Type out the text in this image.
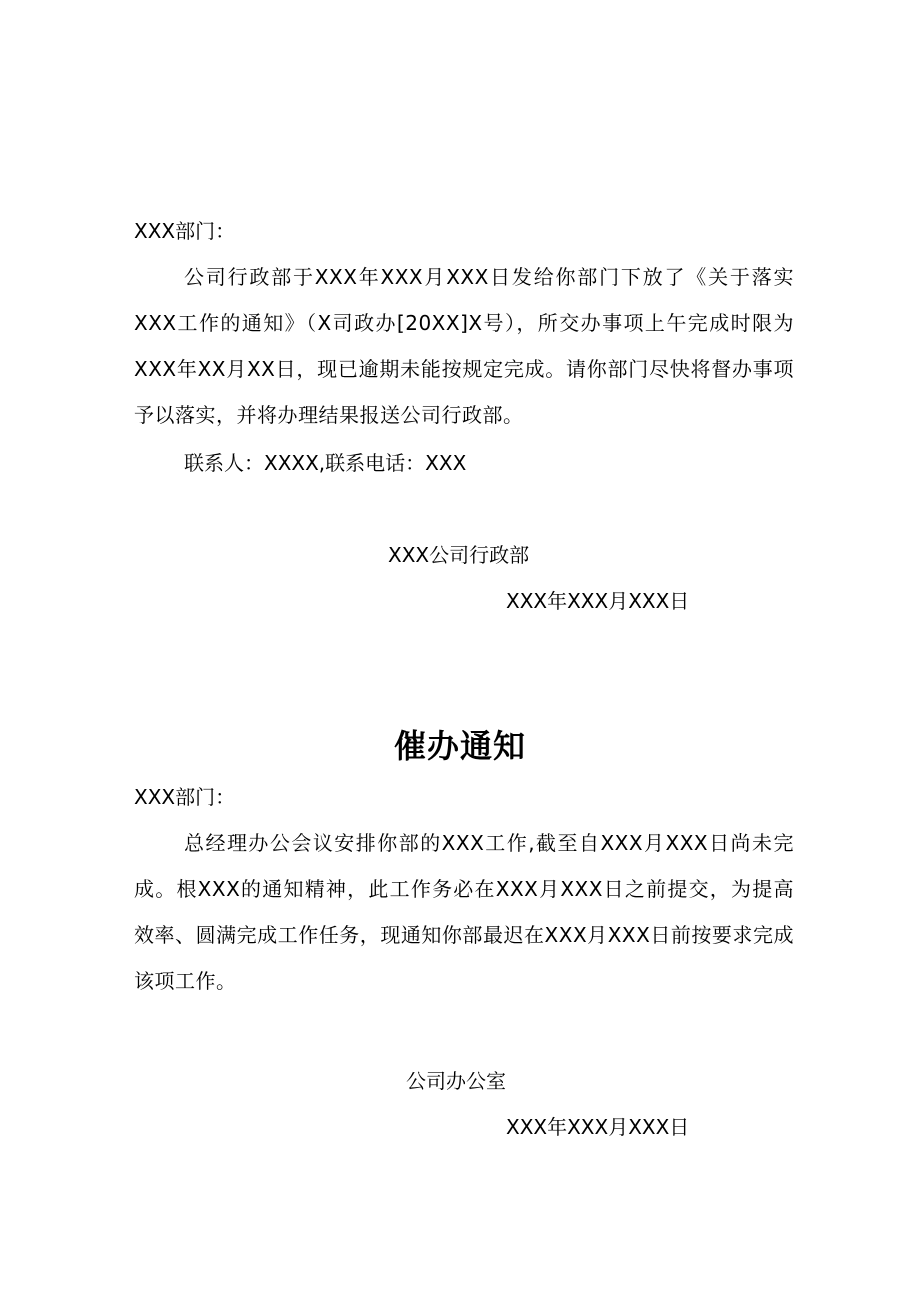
XXX部门：

公司行政部于XXX年XXX月XXX日发给你部门下放了《关于落实XXX工作的通知》（X司政办[20XX]X号），所交办事项上午完成时限为XXX年XX月XX日，现已逾期未能按规定完成。请你部门尽快将督办事项予以落实，并将办理结果报送公司行政部。

联系人：XXXX,联系电话：XXX
XXX公司行政部
XXX年XXX月XXX日
催办通知
XXX部门：

总经理办公会议安排你部的XXX工作,截至自XXX月XXX日尚未完成。根XXX的通知精神，此工作务必在XXX月XXX日之前提交，为提高效率、圆满完成工作任务，现通知你部最迟在XXX月XXX日前按要求完成该项工作。

公司办公室
XXX年XXX月XXX日
